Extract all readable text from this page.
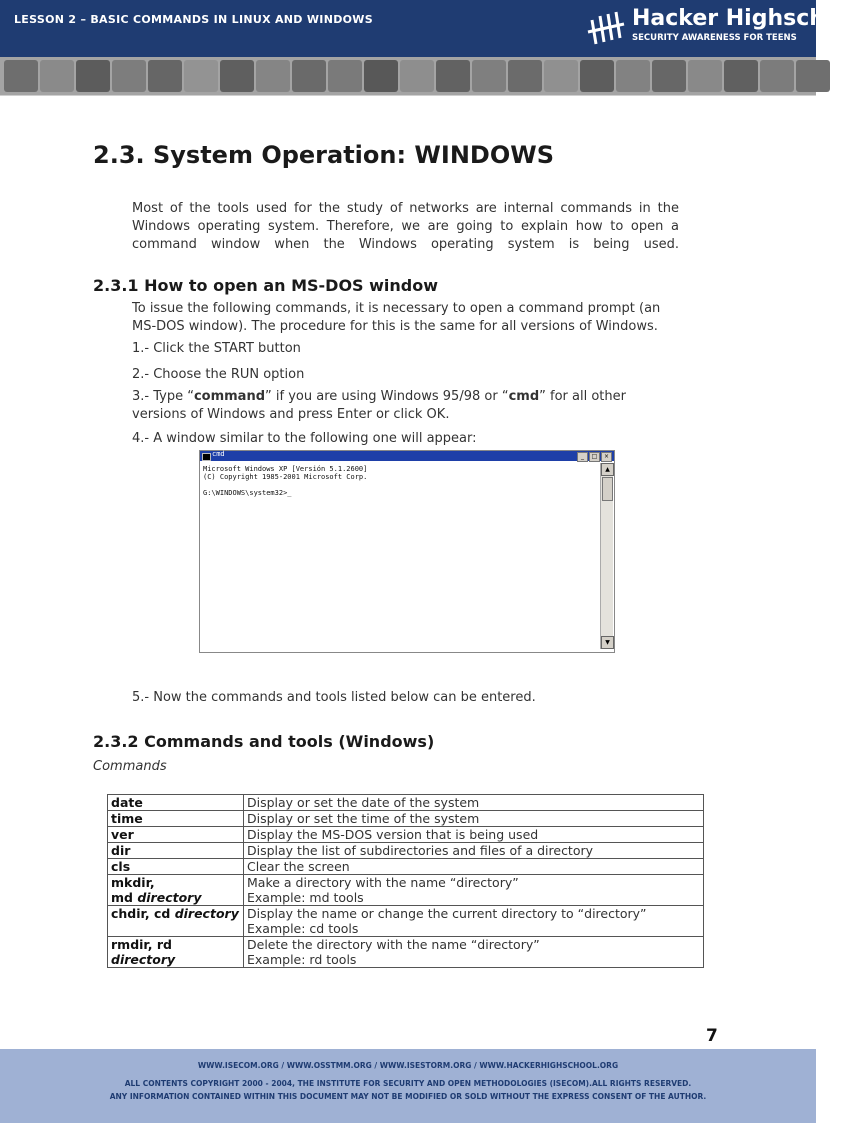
LESSON 2 – BASIC COMMANDS IN LINUX AND WINDOWS	Hacker Highschool
SECURITY AWARENESS FOR TEENS
2.3. System Operation: WINDOWS
Most of the tools used for the study of networks are internal commands in the Windows operating system. Therefore, we are going to explain how to open a command window when the Windows operating system is being used.
2.3.1 How to open an MS-DOS window
To issue the following commands, it is necessary to open a command prompt (an MS-DOS window). The procedure for this is the same for all versions of Windows.
1.- Click the START button
2.- Choose the RUN option
3.- Type “command” if you are using Windows 95/98 or “cmd” for all other versions of Windows and press Enter or click OK.
4.- A window similar to the following one will appear:
cmd	_	□	×
Microsoft Windows XP [Versión 5.1.2600]
(C) Copyright 1985-2001 Microsoft Corp.
G:\WINDOWS\system32>_
▲
▼
5.- Now the commands and tools listed below can be entered.
2.3.2 Commands and tools (Windows)
Commands
date	Display or set the date of the system
time	Display or set the time of the system
ver	Display the MS-DOS version that is being used
dir	Display the list of subdirectories and files of a directory
cls	Clear the screen

mkdir,
md directory	Make a directory with the name “directory”
Example: md tools
chdir, cd directory	Display the name or change the current directory to “directory”
Example: cd tools
rmdir, rd directory	Delete the directory with the name “directory”
Example: rd tools
7
WWW.ISECOM.ORG / WWW.OSSTMM.ORG / WWW.ISESTORM.ORG / WWW.HACKERHIGHSCHOOL.ORG
ALL CONTENTS COPYRIGHT 2000 - 2004, THE INSTITUTE FOR SECURITY AND OPEN METHODOLOGIES (ISECOM).ALL RIGHTS RESERVED.
ANY INFORMATION CONTAINED WITHIN THIS DOCUMENT MAY NOT BE MODIFIED OR SOLD WITHOUT THE EXPRESS CONSENT OF THE AUTHOR.
